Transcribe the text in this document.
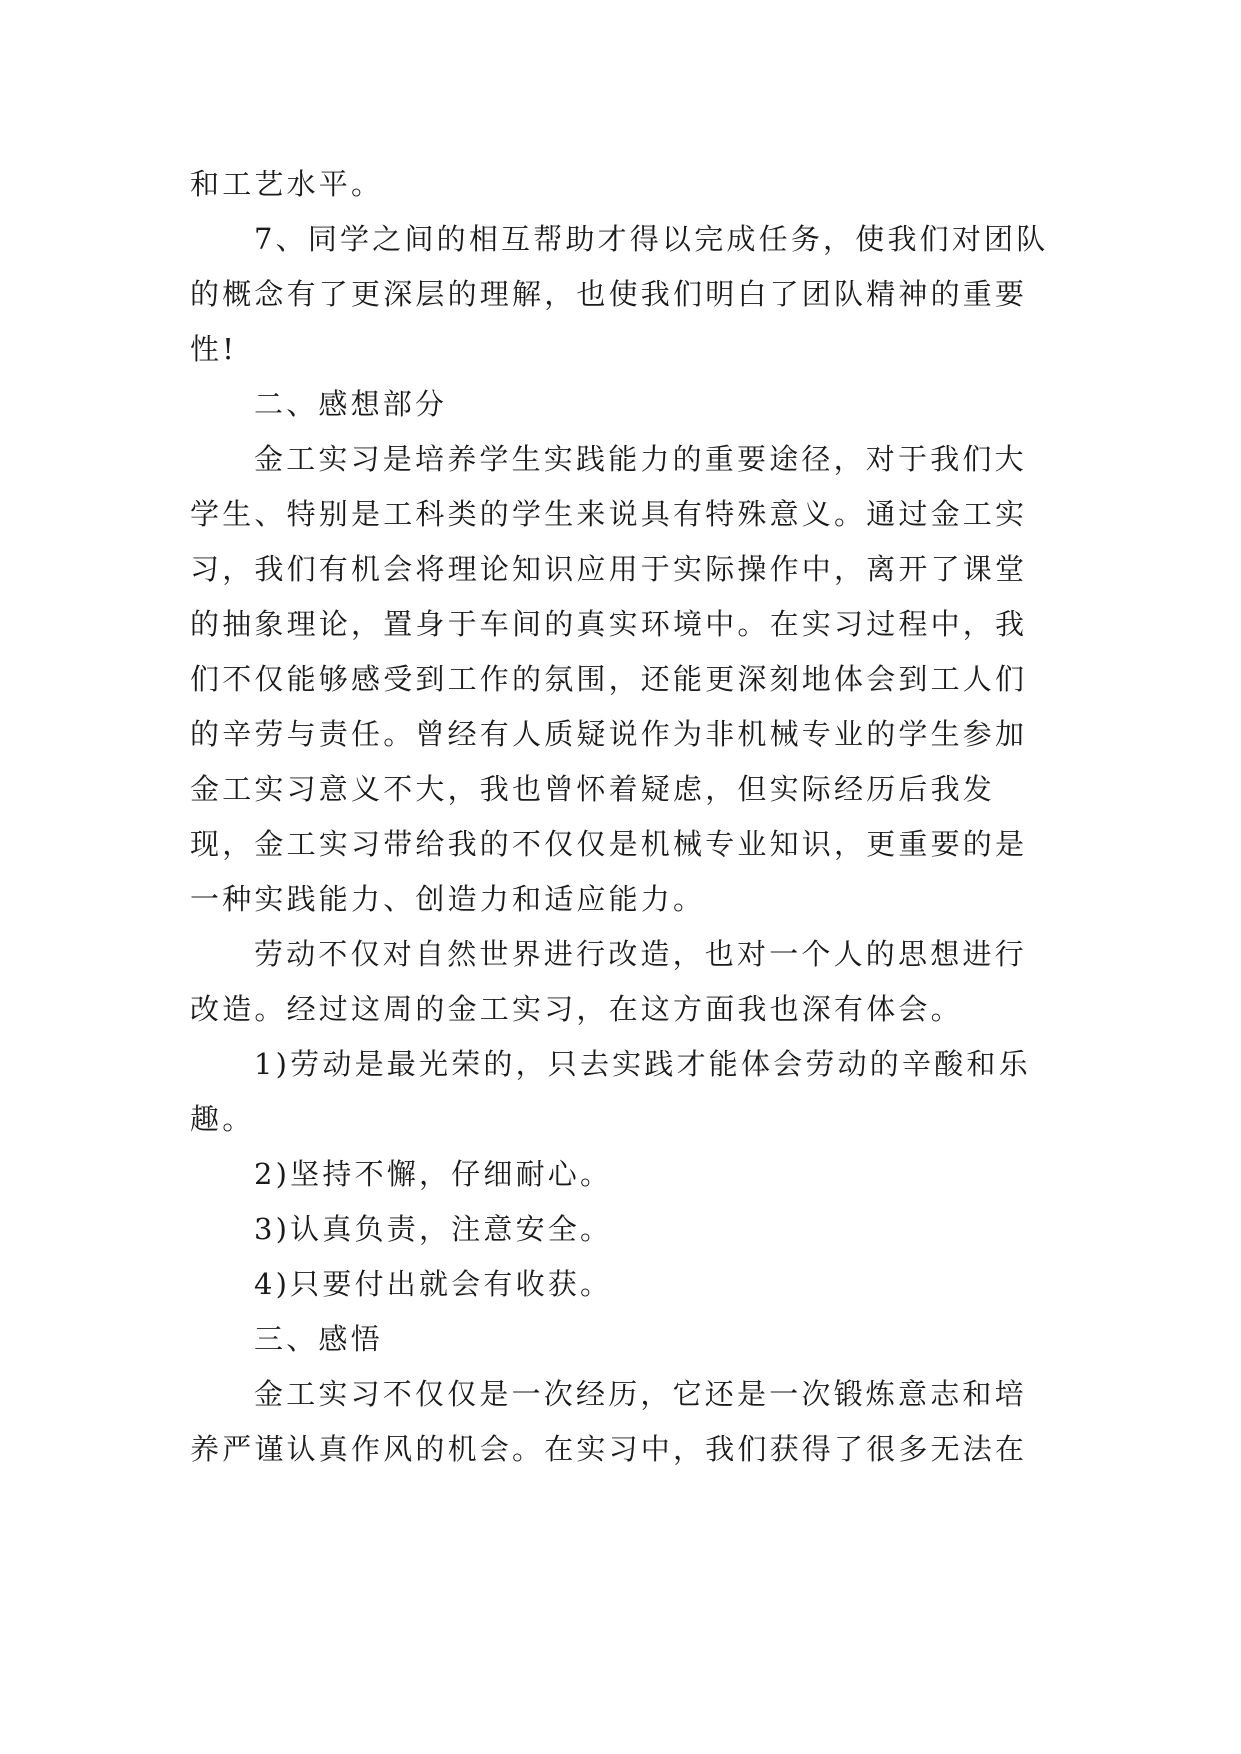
和工艺水平。

7、同学之间的相互帮助才得以完成任务，使我们对团队的概念有了更深层的理解，也使我们明白了团队精神的重要性!

二、感想部分

金工实习是培养学生实践能力的重要途径，对于我们大学生、特别是工科类的学生来说具有特殊意义。通过金工实习，我们有机会将理论知识应用于实际操作中，离开了课堂的抽象理论，置身于车间的真实环境中。在实习过程中，我们不仅能够感受到工作的氛围，还能更深刻地体会到工人们的辛劳与责任。曾经有人质疑说作为非机械专业的学生参加金工实习意义不大，我也曾怀着疑虑，但实际经历后我发现，金工实习带给我的不仅仅是机械专业知识，更重要的是一种实践能力、创造力和适应能力。

劳动不仅对自然世界进行改造，也对一个人的思想进行改造。经过这周的金工实习，在这方面我也深有体会。

1)劳动是最光荣的，只去实践才能体会劳动的辛酸和乐趣。

2)坚持不懈，仔细耐心。

3)认真负责，注意安全。

4)只要付出就会有收获。

三、感悟

金工实习不仅仅是一次经历，它还是一次锻炼意志和培养严谨认真作风的机会。在实习中，我们获得了很多无法在
